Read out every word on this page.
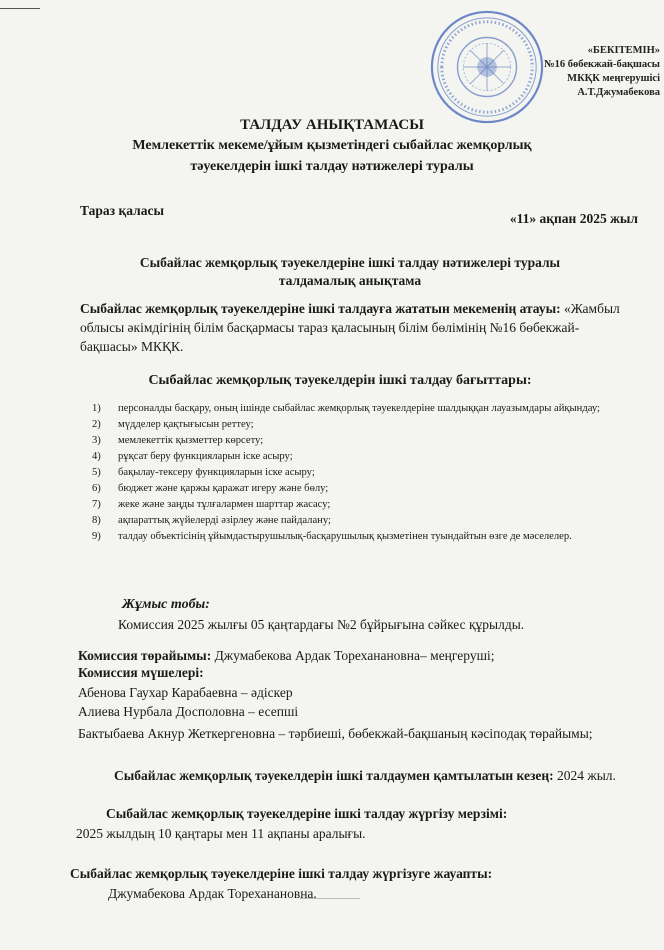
«БЕКІТЕМІН»
№16 бөбекжай-бақшасы
МКҚК меңгерушісі
А.Т.Джумабекова
ТАЛДАУ АНЫҚТАМАСЫ
Мемлекеттік мекеме/ұйым қызметіндегі сыбайлас жемқорлық
тәуекелдерін ішкі талдау нәтижелері туралы
Тараз қаласы
«11» ақпан 2025 жыл
Сыбайлас жемқорлық тәуекелдеріне ішкі талдау нәтижелері туралы
талдамалық анықтама
Сыбайлас жемқорлық тәуекелдеріне ішкі талдауға жататын мекеменің атауы: «Жамбыл облысы әкімдігінің білім басқармасы тараз қаласының білім бөлімінің №16 бөбекжай-бақшасы» МКҚК.
Сыбайлас жемқорлық тәуекелдерін ішкі талдау бағыттары:
1) персоналды басқару, оның ішінде сыбайлас жемқорлық тәуекелдеріне шалдыққан лауазымдары айқындау;
2) мүдделер қақтығысын реттеу;
3) мемлекеттік қызметтер көрсету;
4) рұқсат беру функцияларын іске асыру;
5) бақылау-тексеру функцияларын іске асыру;
6) бюджет және қаржы қаражат игеру және бөлу;
7) жеке және заңды тұлғалармен шарттар жасасу;
8) ақпараттық жүйелерді әзірлеу және пайдалану;
9) талдау объектісінің ұйымдастырушылық-басқарушылық қызметінен туындайтын өзге де мәселелер.
Жұмыс тобы:
Комиссия 2025 жылғы 05 қаңтардағы №2 бұйрығына сәйкес құрылды.
Комиссия төрайымы: Джумабекова Ардак Тореханановна– меңгеруші;
Комиссия мүшелері:
Абенова Гаухар Карабаевна – әдіскер
Алиева Нурбала Досполовна – есепші
Бактыбаева Акнур Жеткергеновна – тәрбиеші, бөбекжай-бақшаның кәсіподақ төрайымы;
Сыбайлас жемқорлық тәуекелдерін ішкі талдаумен қамтылатын кезең: 2024 жыл.
Сыбайлас жемқорлық тәуекелдеріне ішкі талдау жүргізу мерзімі:
2025 жылдың 10 қаңтары мен 11 ақпаны аралығы.
Сыбайлас жемқорлық тәуекелдеріне ішкі талдау жүргізуге жауапты:
Джумабекова Ардак Тореханановна.
